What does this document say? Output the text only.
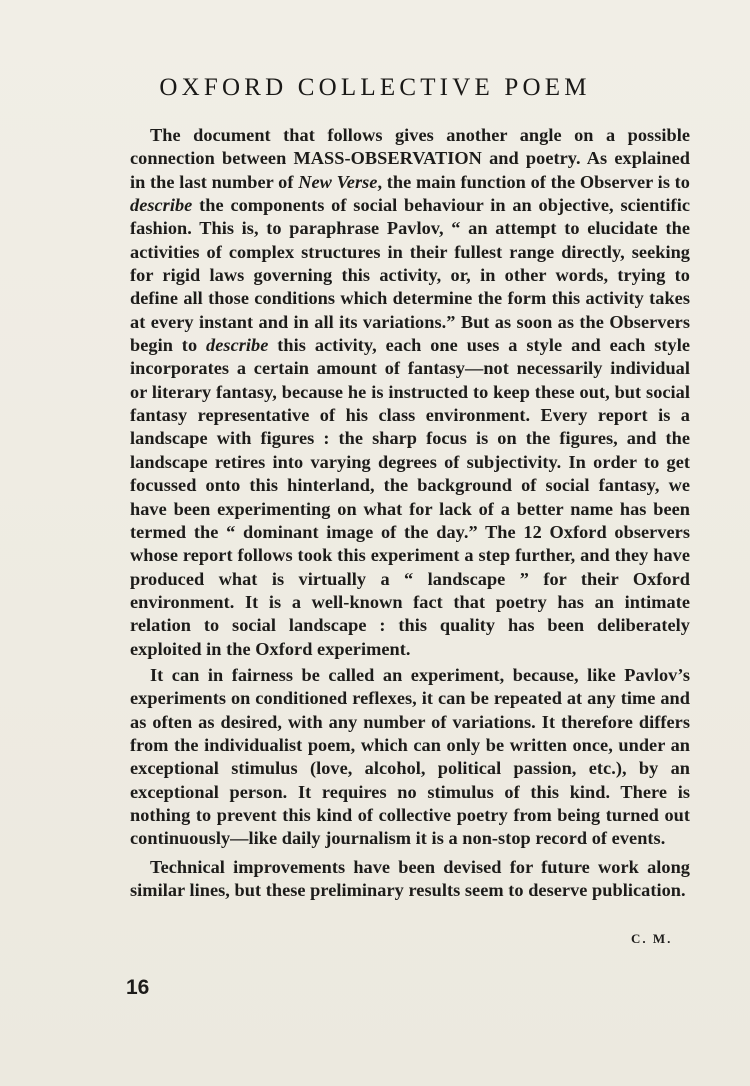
OXFORD COLLECTIVE POEM

The document that follows gives another angle on a possible connection between MASS-OBSERVATION and poetry. As explained in the last number of New Verse, the main function of the Observer is to describe the components of social behaviour in an objective, scientific fashion. This is, to paraphrase Pavlov, “ an attempt to elucidate the activities of complex structures in their fullest range directly, seeking for rigid laws governing this activity, or, in other words, trying to define all those conditions which determine the form this activity takes at every instant and in all its variations.” But as soon as the Observers begin to describe this activity, each one uses a style and each style incorporates a certain amount of fantasy—not necessarily individual or literary fantasy, because he is instructed to keep these out, but social fantasy representative of his class environment. Every report is a landscape with figures : the sharp focus is on the figures, and the landscape retires into varying degrees of subjectivity. In order to get focussed onto this hinterland, the background of social fantasy, we have been experimenting on what for lack of a better name has been termed the “ dominant image of the day.” The 12 Oxford observers whose report follows took this experiment a step further, and they have produced what is virtually a “ landscape ” for their Oxford environment. It is a well-known fact that poetry has an intimate relation to social landscape : this quality has been deliberately exploited in the Oxford experiment.

It can in fairness be called an experiment, because, like Pavlov’s experiments on conditioned reflexes, it can be repeated at any time and as often as desired, with any number of variations. It therefore differs from the individualist poem, which can only be written once, under an exceptional stimulus (love, alcohol, political passion, etc.), by an exceptional person. It requires no stimulus of this kind. There is nothing to prevent this kind of collective poetry from being turned out continuously—like daily journalism it is a non-stop record of events.

Technical improvements have been devised for future work along similar lines, but these preliminary results seem to deserve publication.

C. M.
16
